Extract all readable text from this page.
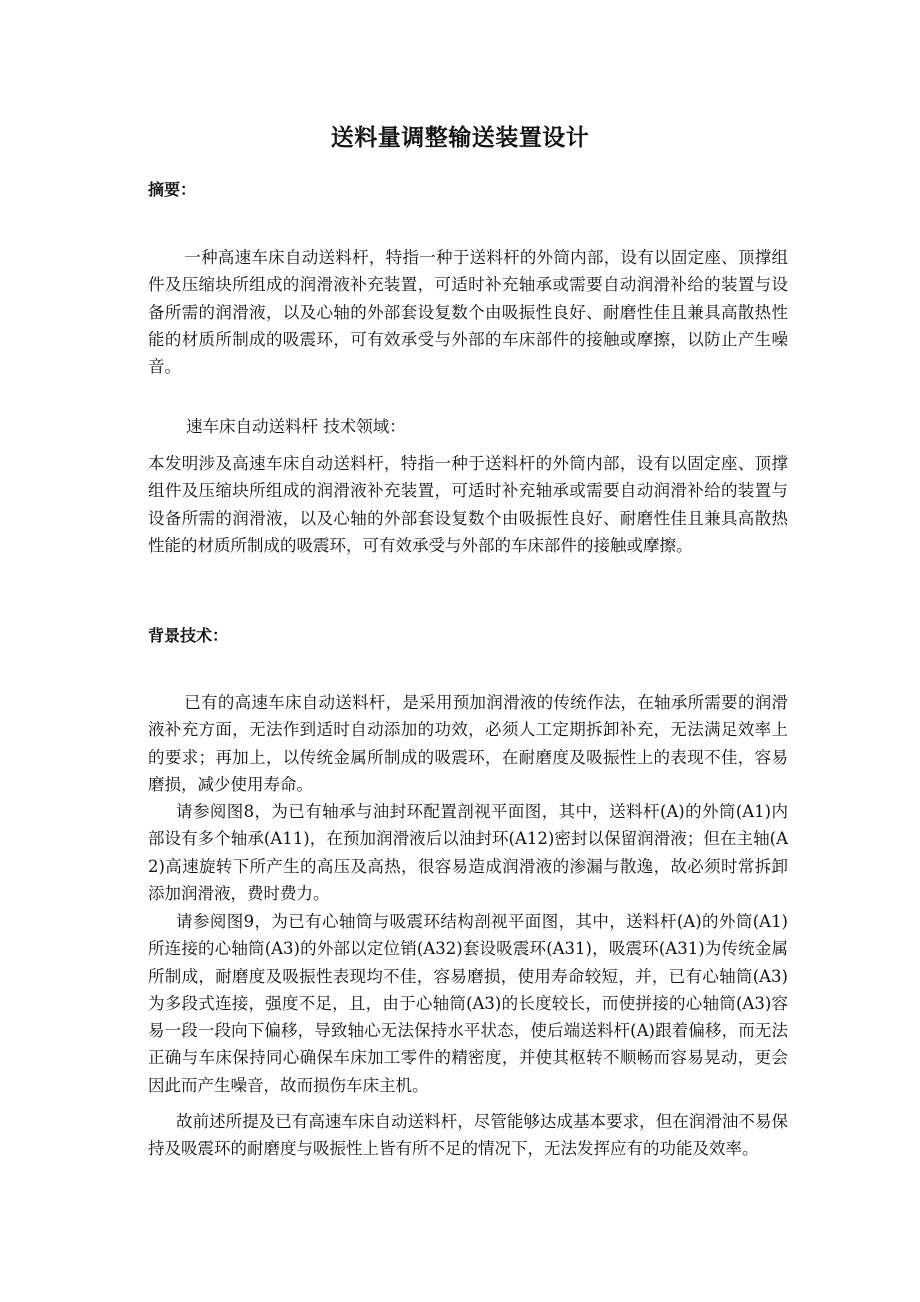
送料量调整输送装置设计
摘要：

一种高速车床自动送料杆，特指一种于送料杆的外筒内部，设有以固定座、顶撑组件及压缩块所组成的润滑液补充装置，可适时补充轴承或需要自动润滑补给的装置与设备所需的润滑液，以及心轴的外部套设复数个由吸振性良好、耐磨性佳且兼具高散热性能的材质所制成的吸震环，可有效承受与外部的车床部件的接触或摩擦，以防止产生噪音。

速车床自动送料杆 技术领域：

本发明涉及高速车床自动送料杆，特指一种于送料杆的外筒内部，设有以固定座、顶撑组件及压缩块所组成的润滑液补充装置，可适时补充轴承或需要自动润滑补给的装置与设备所需的润滑液，以及心轴的外部套设复数个由吸振性良好、耐磨性佳且兼具高散热性能的材质所制成的吸震环，可有效承受与外部的车床部件的接触或摩擦。

背景技术：

已有的高速车床自动送料杆，是采用预加润滑液的传统作法，在轴承所需要的润滑液补充方面，无法作到适时自动添加的功效，必须人工定期拆卸补充，无法满足效率上的要求；再加上，以传统金属所制成的吸震环，在耐磨度及吸振性上的表现不佳，容易磨损，减少使用寿命。

请参阅图8，为已有轴承与油封环配置剖视平面图，其中，送料杆(A)的外筒(A1)内部设有多个轴承(A11)，在预加润滑液后以油封环(A12)密封以保留润滑液；但在主轴(A2)高速旋转下所产生的高压及高热，很容易造成润滑液的渗漏与散逸，故必须时常拆卸添加润滑液，费时费力。

请参阅图9，为已有心轴筒与吸震环结构剖视平面图，其中，送料杆(A)的外筒(A1)所连接的心轴筒(A3)的外部以定位销(A32)套设吸震环(A31)，吸震环(A31)为传统金属所制成，耐磨度及吸振性表现均不佳，容易磨损，使用寿命较短，并，已有心轴筒(A3)为多段式连接，强度不足，且，由于心轴筒(A3)的长度较长，而使拼接的心轴筒(A3)容易一段一段向下偏移，导致轴心无法保持水平状态，使后端送料杆(A)跟着偏移，而无法正确与车床保持同心确保车床加工零件的精密度，并使其枢转不顺畅而容易晃动，更会因此而产生噪音，故而损伤车床主机。

故前述所提及已有高速车床自动送料杆，尽管能够达成基本要求，但在润滑油不易保持及吸震环的耐磨度与吸振性上皆有所不足的情况下，无法发挥应有的功能及效率。
